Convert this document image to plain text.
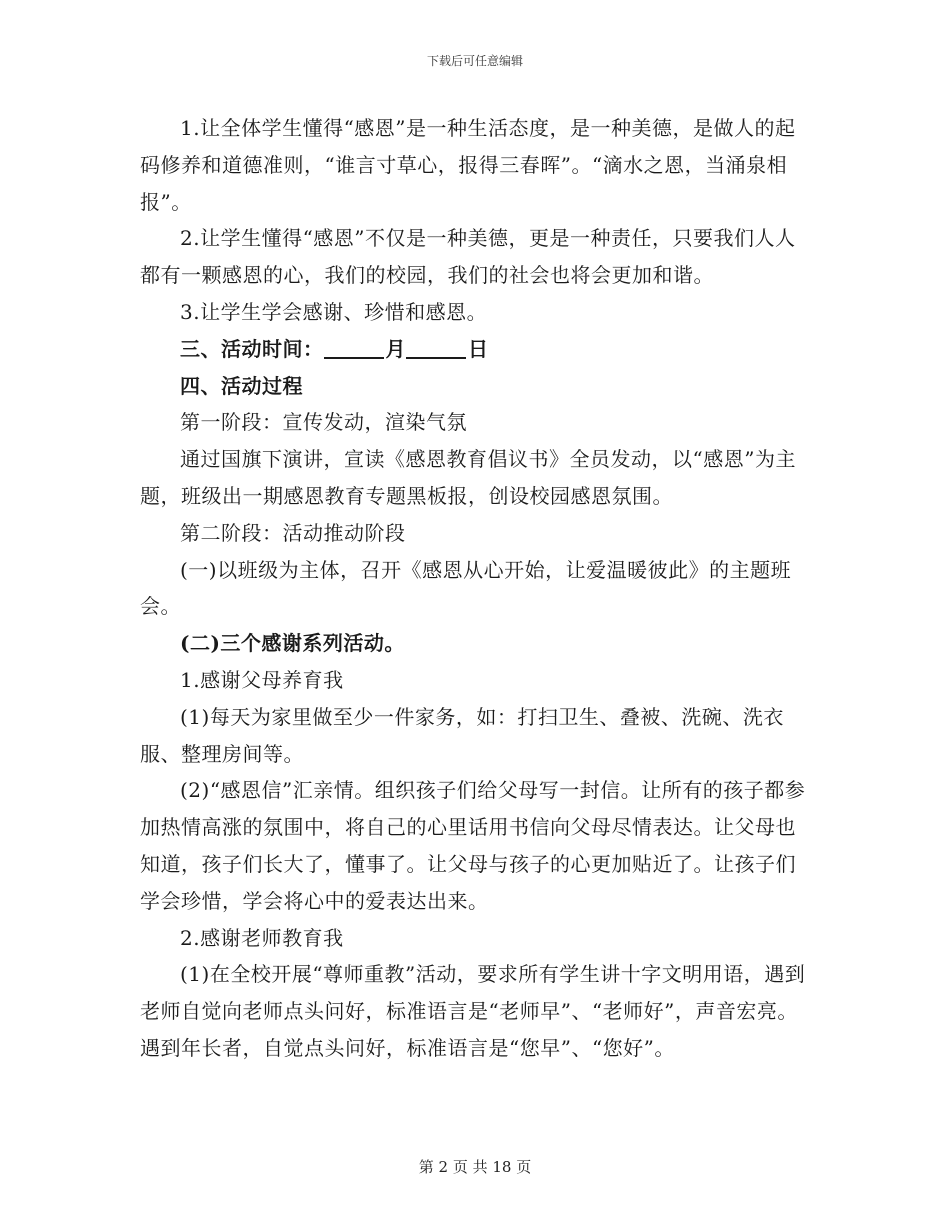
下载后可任意编辑

1.让全体学生懂得“感恩”是一种生活态度，是一种美德，是做人的起码修养和道德准则，“谁言寸草心，报得三春晖”。“滴水之恩，当涌泉相报”。

2.让学生懂得“感恩”不仅是一种美德，更是一种责任，只要我们人人都有一颗感恩的心，我们的校园，我们的社会也将会更加和谐。

3.让学生学会感谢、珍惜和感恩。

三、活动时间：	月	日

四、活动过程

第一阶段：宣传发动，渲染气氛

通过国旗下演讲，宣读《感恩教育倡议书》全员发动，以“感恩”为主题，班级出一期感恩教育专题黑板报，创设校园感恩氛围。

第二阶段：活动推动阶段

(一)以班级为主体，召开《感恩从心开始，让爱温暖彼此》的主题班会。

(二)三个感谢系列活动。

1.感谢父母养育我

(1)每天为家里做至少一件家务，如：打扫卫生、叠被、洗碗、洗衣服、整理房间等。

(2)“感恩信”汇亲情。组织孩子们给父母写一封信。让所有的孩子都参加热情高涨的氛围中，将自己的心里话用书信向父母尽情表达。让父母也知道，孩子们长大了，懂事了。让父母与孩子的心更加贴近了。让孩子们学会珍惜，学会将心中的爱表达出来。

2.感谢老师教育我

(1)在全校开展“尊师重教”活动，要求所有学生讲十字文明用语，遇到老师自觉向老师点头问好，标准语言是“老师早”、“老师好”，声音宏亮。遇到年长者，自觉点头问好，标准语言是“您早”、“您好”。

第 2 页 共 18 页
